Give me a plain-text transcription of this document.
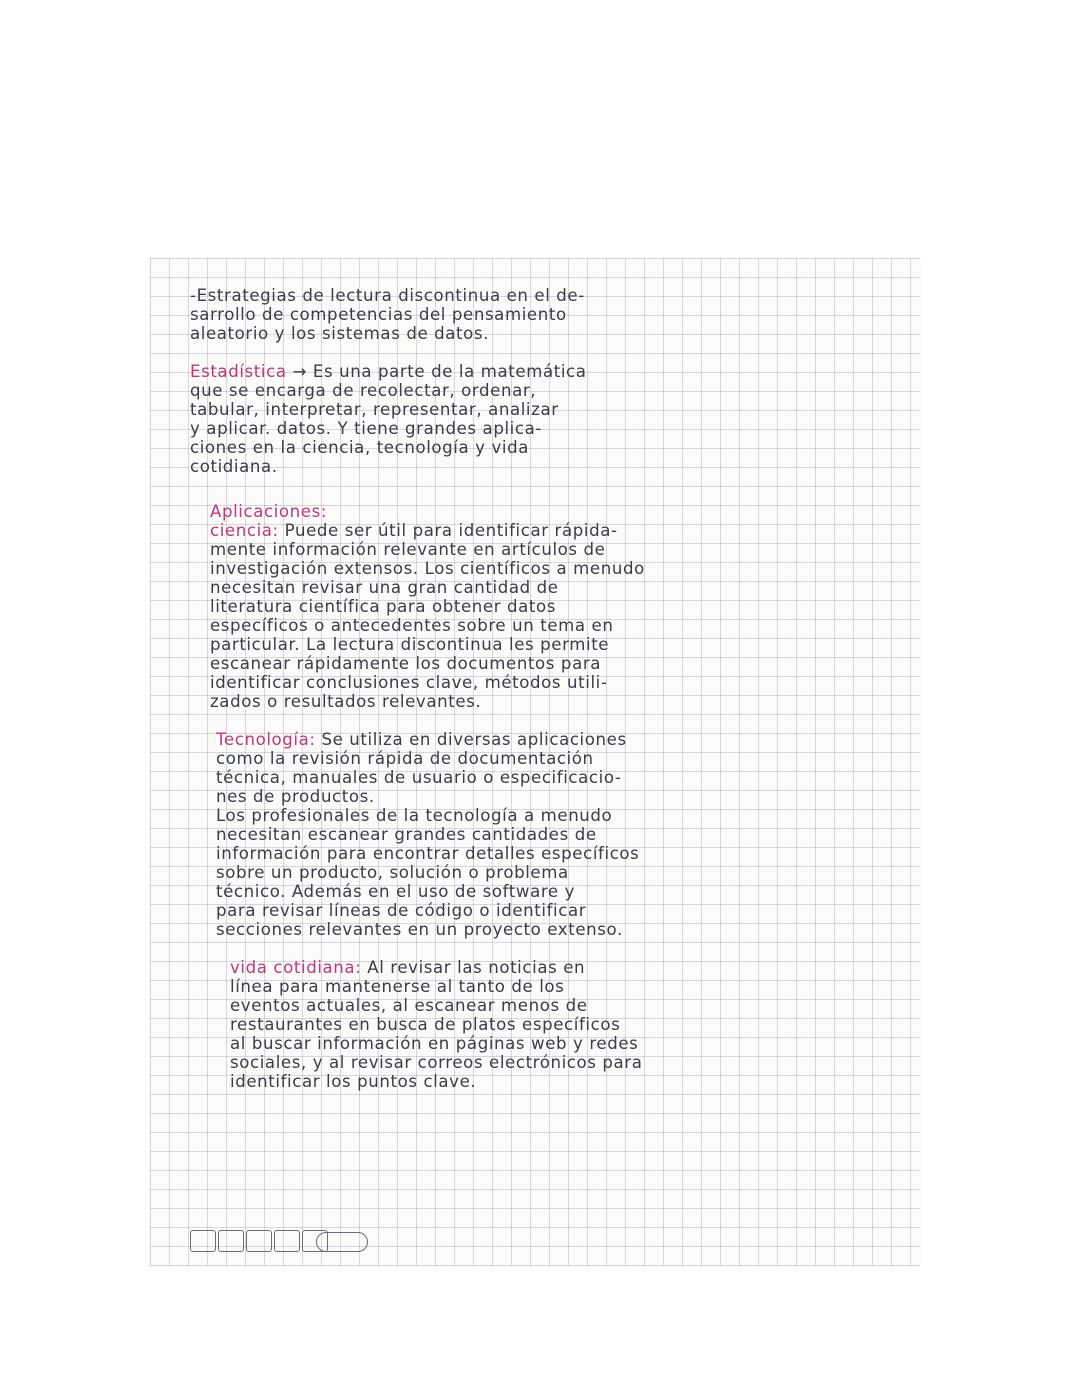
-Estrategias de lectura discontinua en el de-
sarrollo de competencias del pensamiento
aleatorio y los sistemas de datos.
Estadística → Es una parte de la matemática
que se encarga de recolectar, ordenar,
tabular, interpretar, representar, analizar
y aplicar. datos. Y tiene grandes aplica-
ciones en la ciencia, tecnología y vida
cotidiana.
Aplicaciones:
ciencia: Puede ser útil para identificar rápida-
mente información relevante en artículos de
investigación extensos. Los científicos a menudo
necesitan revisar una gran cantidad de
literatura científica para obtener datos
específicos o antecedentes sobre un tema en
particular. La lectura discontinua les permite
escanear rápidamente los documentos para
identificar conclusiones clave, métodos utili-
zados o resultados relevantes.
Tecnología: Se utiliza en diversas aplicaciones
como la revisión rápida de documentación
técnica, manuales de usuario o especificacio-
nes de productos.
Los profesionales de la tecnología a menudo
necesitan escanear grandes cantidades de
información para encontrar detalles específicos
sobre un producto, solución o problema
técnico. Además en el uso de software y
para revisar líneas de código o identificar
secciones relevantes en un proyecto extenso.
vida cotidiana: Al revisar las noticias en
línea para mantenerse al tanto de los
eventos actuales, al escanear menos de
restaurantes en busca de platos específicos
al buscar información en páginas web y redes
sociales, y al revisar correos electrónicos para
identificar los puntos clave.
